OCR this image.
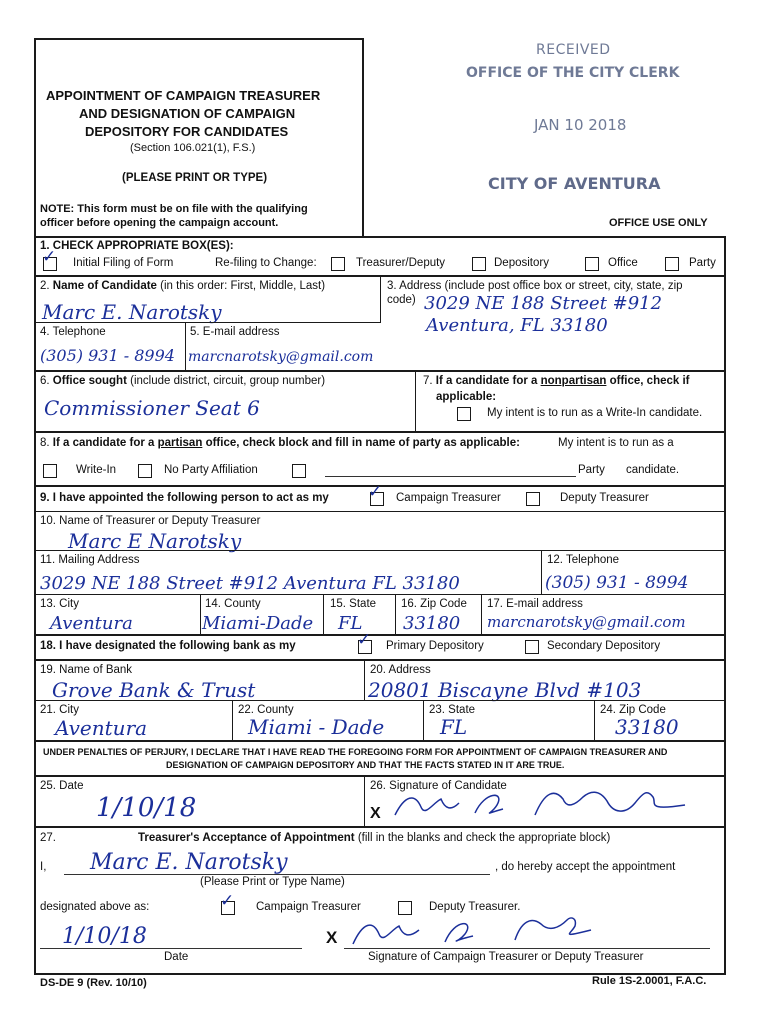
RECEIVED
OFFICE OF THE CITY CLERK
JAN 10 2018
CITY OF AVENTURA
APPOINTMENT OF CAMPAIGN TREASURER
AND DESIGNATION OF CAMPAIGN
DEPOSITORY FOR CANDIDATES
(Section 106.021(1), F.S.)
(PLEASE PRINT OR TYPE)
NOTE: This form must be on file with the qualifying
officer before opening the campaign account.	OFFICE USE ONLY
1. CHECK APPROPRIATE BOX(ES):
✓ Initial Filing of Form	Re-filing to Change:	Treasurer/Deputy	Depository	Office	Party
2. Name of Candidate (in this order: First, Middle, Last)
Marc E. Narotsky
3. Address (include post office box or street, city, state, zip
code) 3029 NE 188 Street #912
Aventura, FL 33180
4. Telephone	5. E-mail address
(305) 931 - 8994 marcnarotsky@gmail.com
6. Office sought (include district, circuit, group number)
Commissioner Seat 6
7. If a candidate for a nonpartisan office, check if
applicable:
My intent is to run as a Write-In candidate.
8. If a candidate for a partisan office, check block and fill in name of party as applicable:	My intent is to run as a
Write-In	No Party Affiliation	Party candidate.
9. I have appointed the following person to act as my ✓ Campaign Treasurer	Deputy Treasurer
10. Name of Treasurer or Deputy Treasurer
Marc E Narotsky
11. Mailing Address
3029 NE 188 Street #912 Aventura FL 33180
12. Telephone
(305) 931 - 8994
13. City
Aventura
14. County
Miami-Dade
15. State
FL
16. Zip Code
33180
17. E-mail address
marcnarotsky@gmail.com
18. I have designated the following bank as my	✓ Primary Depository	Secondary Depository
19. Name of Bank
Grove Bank & Trust
20. Address
20801 Biscayne Blvd #103
21. City
Aventura
22. County
Miami - Dade
23. State
FL
24. Zip Code
33180
UNDER PENALTIES OF PERJURY, I DECLARE THAT I HAVE READ THE FOREGOING FORM FOR APPOINTMENT OF CAMPAIGN TREASURER AND
DESIGNATION OF CAMPAIGN DEPOSITORY AND THAT THE FACTS STATED IN IT ARE TRUE.
25. Date
1/10/18
26. Signature of Candidate
X
27.	Treasurer's Acceptance of Appointment (fill in the blanks and check the appropriate block)
I, Marc E. Narotsky	, do hereby accept the appointment
(Please Print or Type Name)
designated above as:	✓ Campaign Treasurer	Deputy Treasurer.
1/10/18
Date
X
Signature of Campaign Treasurer or Deputy Treasurer
DS-DE 9 (Rev. 10/10)	Rule 1S-2.0001, F.A.C.
